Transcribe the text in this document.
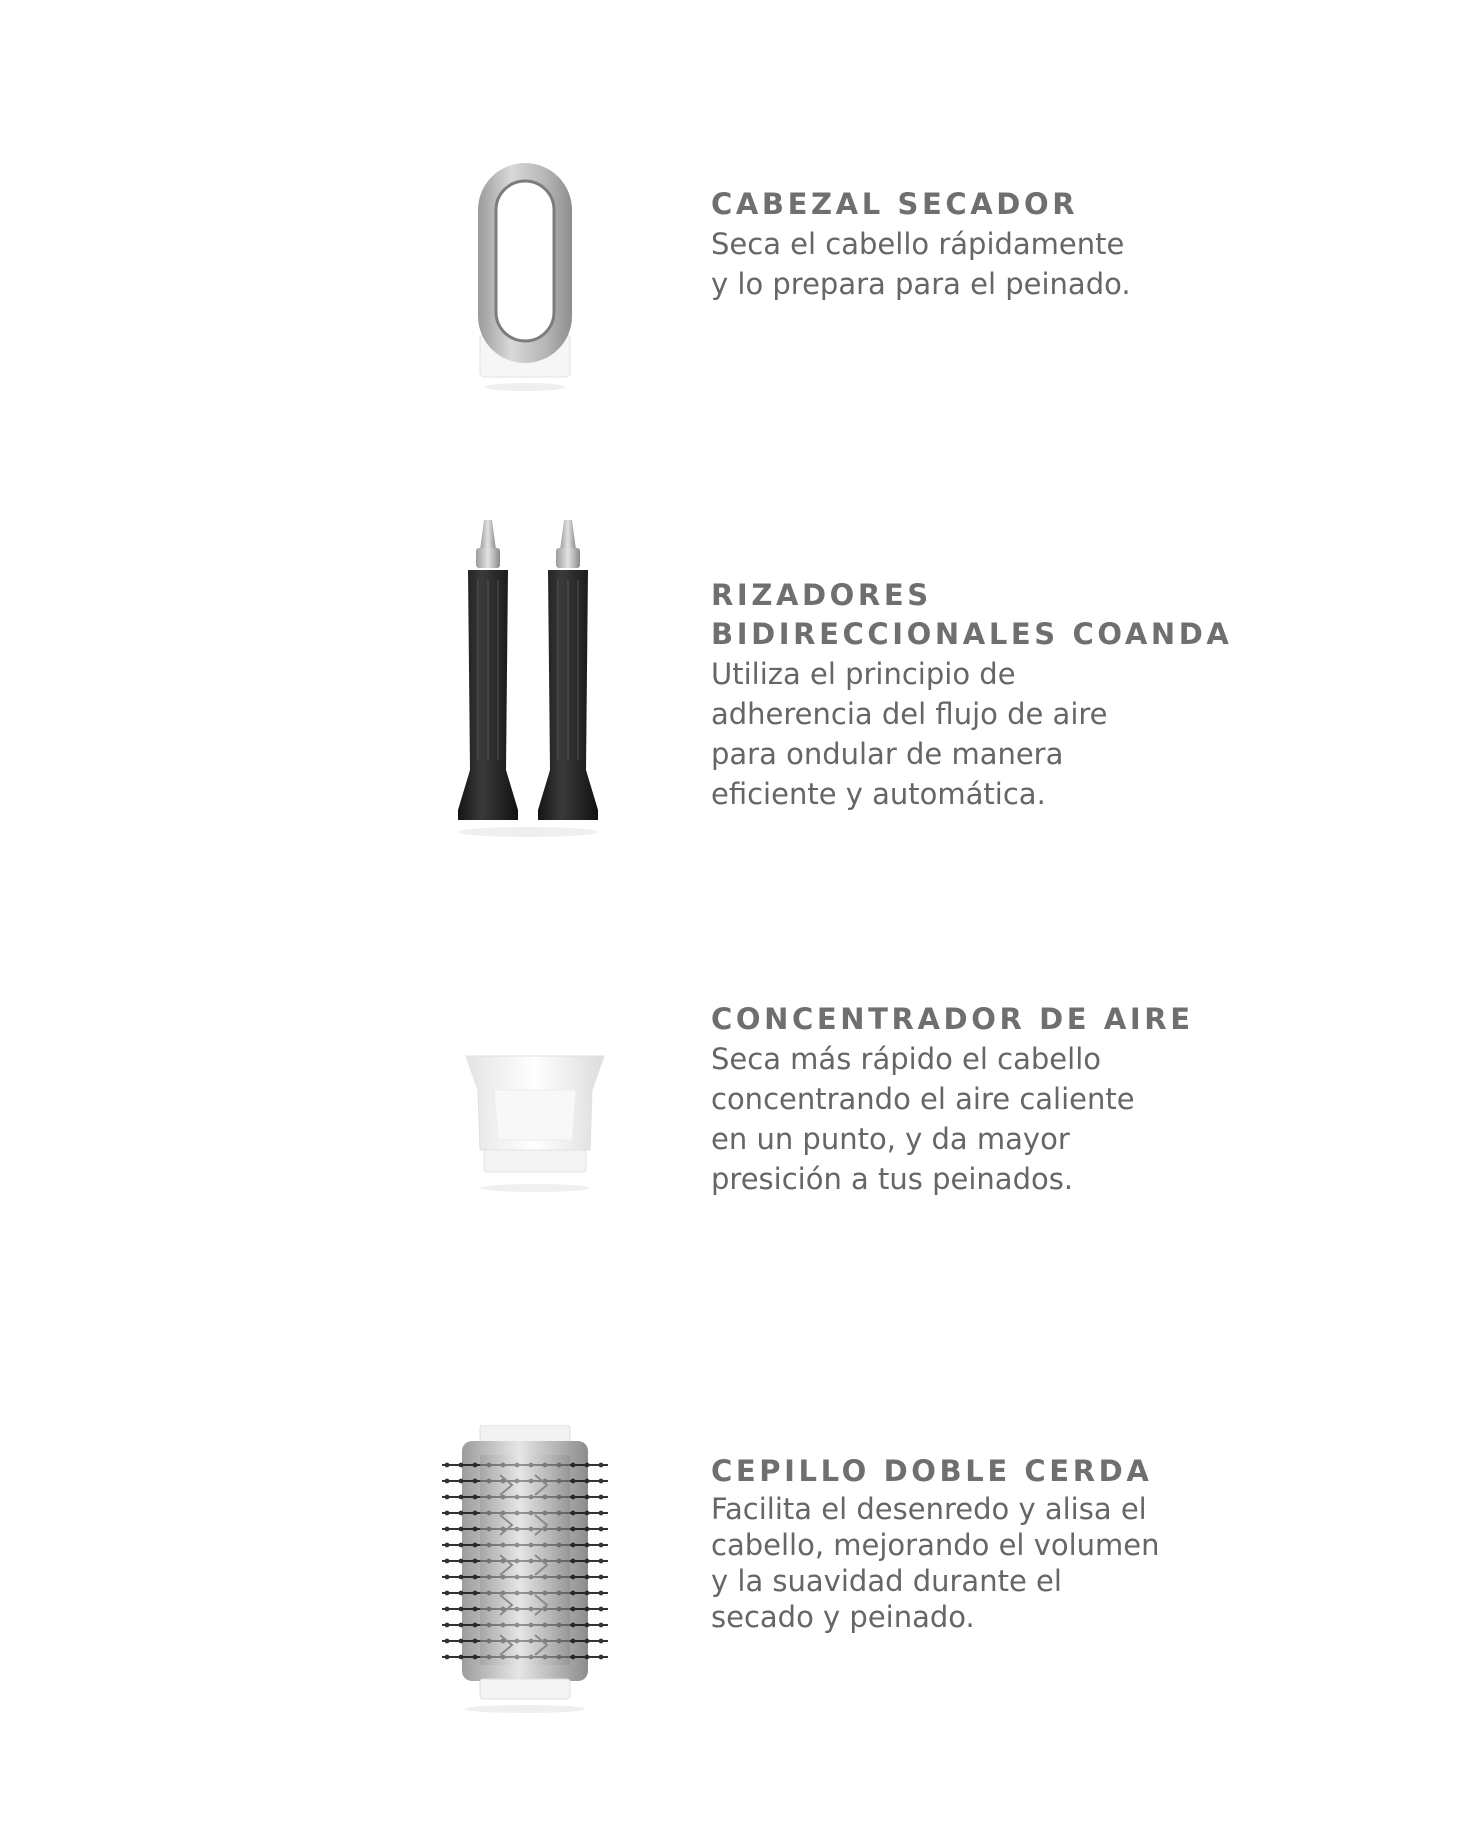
CABEZAL SECADOR

Seca el cabello rápidamente
y lo prepara para el peinado.

RIZADORES
BIDIRECCIONALES COANDA

Utiliza el principio de
adherencia del flujo de aire
para ondular de manera
eficiente y automática.

CONCENTRADOR DE AIRE

Seca más rápido el cabello
concentrando el aire caliente
en un punto, y da mayor
presición a tus peinados.

CEPILLO DOBLE CERDA

Facilita el desenredo y alisa el
cabello, mejorando el volumen
y la suavidad durante el
secado y peinado.
